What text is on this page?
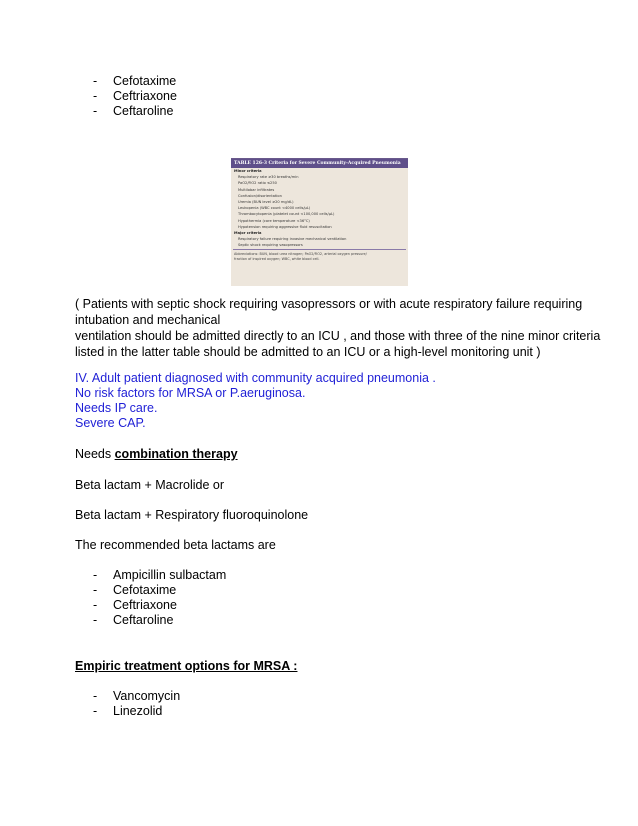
- Cefotaxime
- Ceftriaxone
- Ceftaroline
TABLE 126-3 Criteria for Severe Community-Acquired Pneumonia
Minor criteria
Respiratory rate ≥30 breaths/min
PaO2/FiO2 ratio ≤250
Multilobar infiltrates
Confusion/disorientation
Uremia (BUN level ≥20 mg/dL)
Leukopenia (WBC count <4000 cells/µL)
Thrombocytopenia (platelet count <100,000 cells/µL)
Hypothermia (core temperature <36°C)
Hypotension requiring aggressive fluid resuscitation
Major criteria
Respiratory failure requiring invasive mechanical ventilation
Septic shock requiring vasopressors
Abbreviations: BUN, blood urea nitrogen; PaO2/FiO2, arterial oxygen pressure/
fraction of inspired oxygen; WBC, white blood cell.
( Patients with septic shock requiring vasopressors or with acute respiratory failure requiring
intubation and mechanical
ventilation should be admitted directly to an ICU , and those with three of the nine minor criteria
listed in the latter table should be admitted to an ICU or a high-level monitoring unit )
IV. Adult patient diagnosed with community acquired pneumonia .
No risk factors for MRSA or P.aeruginosa.
Needs IP care.
Severe CAP.
Needs combination therapy
Beta lactam + Macrolide or
Beta lactam + Respiratory fluoroquinolone
The recommended beta lactams are
- Ampicillin sulbactam
- Cefotaxime
- Ceftriaxone
- Ceftaroline
Empiric treatment options for MRSA :
- Vancomycin
- Linezolid
